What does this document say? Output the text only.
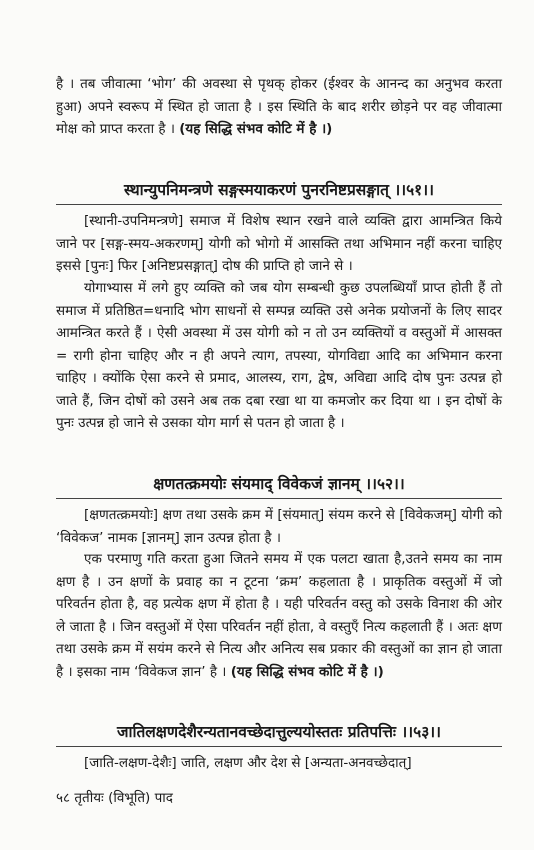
है । तब जीवात्मा ‘भोग’ की अवस्था से पृथक् होकर (ईश्वर के आनन्द का अनुभव करता हुआ) अपने स्वरूप में स्थित हो जाता है । इस स्थिति के बाद शरीर छोड़ने पर वह जीवात्मा मोक्ष को प्राप्त करता है । (यह सिद्धि संभव कोटि में है ।)

स्थान्युपनिमन्त्रणे सङ्गस्मयाकरणं पुनरनिष्टप्रसङ्गात् ।।५१।।

[स्थानी-उपनिमन्त्रणे] समाज में विशेष स्थान रखने वाले व्यक्ति द्वारा आमन्त्रित किये जाने पर [सङ्ग-स्मय-अकरणम्] योगी को भोगो में आसक्ति तथा अभिमान नहीं करना चाहिए इससे [पुनः] फिर [अनिष्टप्रसङ्गात्] दोष की प्राप्ति हो जाने से ।

योगाभ्यास में लगे हुए व्यक्ति को जब योग सम्बन्धी कुछ उपलब्धियाँ प्राप्त होती हैं तो समाज में प्रतिष्ठित=धनादि भोग साधनों से सम्पन्न व्यक्ति उसे अनेक प्रयोजनों के लिए सादर आमन्त्रित करते हैं । ऐसी अवस्था में उस योगी को न तो उन व्यक्तियों व वस्तुओं में आसक्त = रागी होना चाहिए और न ही अपने त्याग, तपस्या, योगविद्या आदि का अभिमान करना चाहिए । क्योंकि ऐसा करने से प्रमाद, आलस्य, राग, द्वेष, अविद्या आदि दोष पुनः उत्पन्न हो जाते हैं, जिन दोषों को उसने अब तक दबा रखा था या कमजोर कर दिया था । इन दोषों के पुनः उत्पन्न हो जाने से उसका योग मार्ग से पतन हो जाता है ।

क्षणतत्क्रमयोः संयमाद् विवेकजं ज्ञानम् ।।५२।।

[क्षणतत्क्रमयोः] क्षण तथा उसके क्रम में [संयमात्] संयम करने से [विवेकजम्] योगी को ‘विवेकज’ नामक [ज्ञानम्] ज्ञान उत्पन्न होता है ।

एक परमाणु गति करता हुआ जितने समय में एक पलटा खाता है,उतने समय का नाम क्षण है । उन क्षणों के प्रवाह का न टूटना ‘क्रम’ कहलाता है । प्राकृतिक वस्तुओं में जो परिवर्तन होता है, वह प्रत्येक क्षण में होता है । यही परिवर्तन वस्तु को उसके विनाश की ओर ले जाता है । जिन वस्तुओं में ऐसा परिवर्तन नहीं होता, वे वस्तुएँ नित्य कहलाती हैं । अतः क्षण तथा उसके क्रम में सयंम करने से नित्य और अनित्य सब प्रकार की वस्तुओं का ज्ञान हो जाता है । इसका नाम ‘विवेकज ज्ञान’ है । (यह सिद्धि संभव कोटि में है ।)

जातिलक्षणदेशैरन्यतानवच्छेदात्तुल्ययोस्ततः प्रतिपत्तिः ।।५३।।

[जाति-लक्षण-देशैः] जाति, लक्षण और देश से [अन्यता-अनवच्छेदात्]

५८ तृतीयः (विभूति) पाद
